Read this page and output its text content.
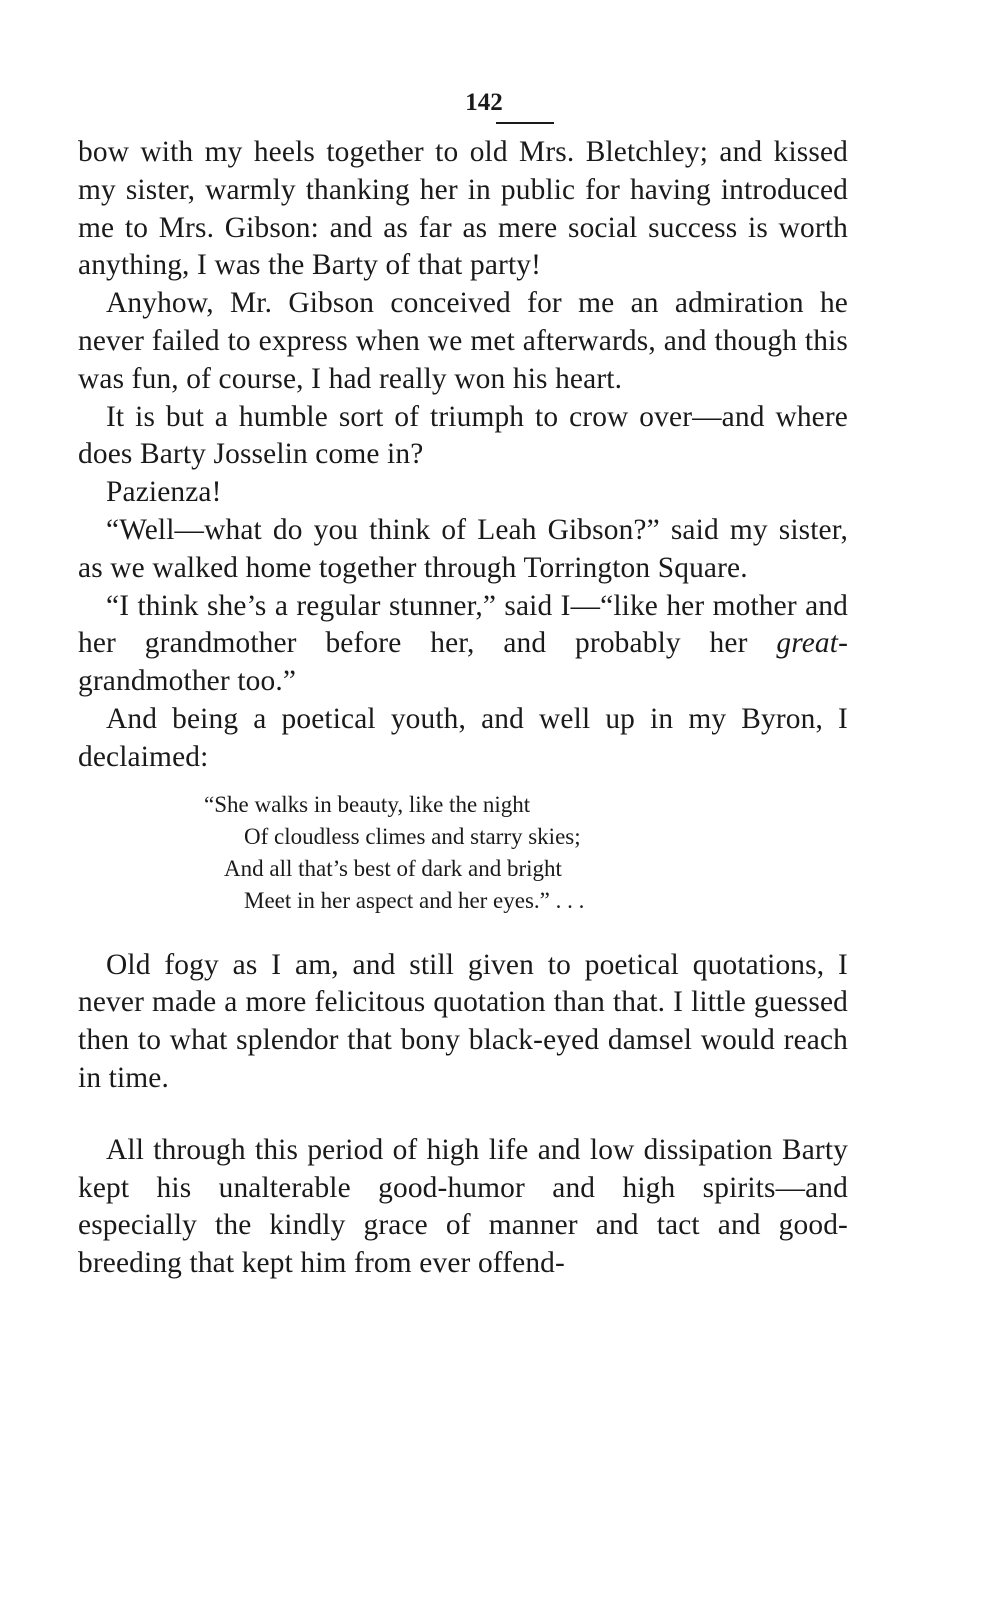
142

bow with my heels together to old Mrs. Bletchley; and kissed my sister, warmly thanking her in public for having introduced me to Mrs. Gibson: and as far as mere social success is worth anything, I was the Barty of that party!

Anyhow, Mr. Gibson conceived for me an admiration he never failed to express when we met afterwards, and though this was fun, of course, I had really won his heart.

It is but a humble sort of triumph to crow over—and where does Barty Josselin come in?

Pazienza!

“Well—what do you think of Leah Gibson?” said my sister, as we walked home together through Torrington Square.

“I think she’s a regular stunner,” said I—“like her mother and her grandmother before her, and probably her great-grandmother too.”

And being a poetical youth, and well up in my Byron, I declaimed:

“She walks in beauty, like the night
Of cloudless climes and starry skies;
And all that’s best of dark and bright
Meet in her aspect and her eyes.” . . .

Old fogy as I am, and still given to poetical quotations, I never made a more felicitous quotation than that. I little guessed then to what splendor that bony black-eyed damsel would reach in time.

All through this period of high life and low dissipation Barty kept his unalterable good-humor and high spirits—and especially the kindly grace of manner and tact and good-breeding that kept him from ever offend-
